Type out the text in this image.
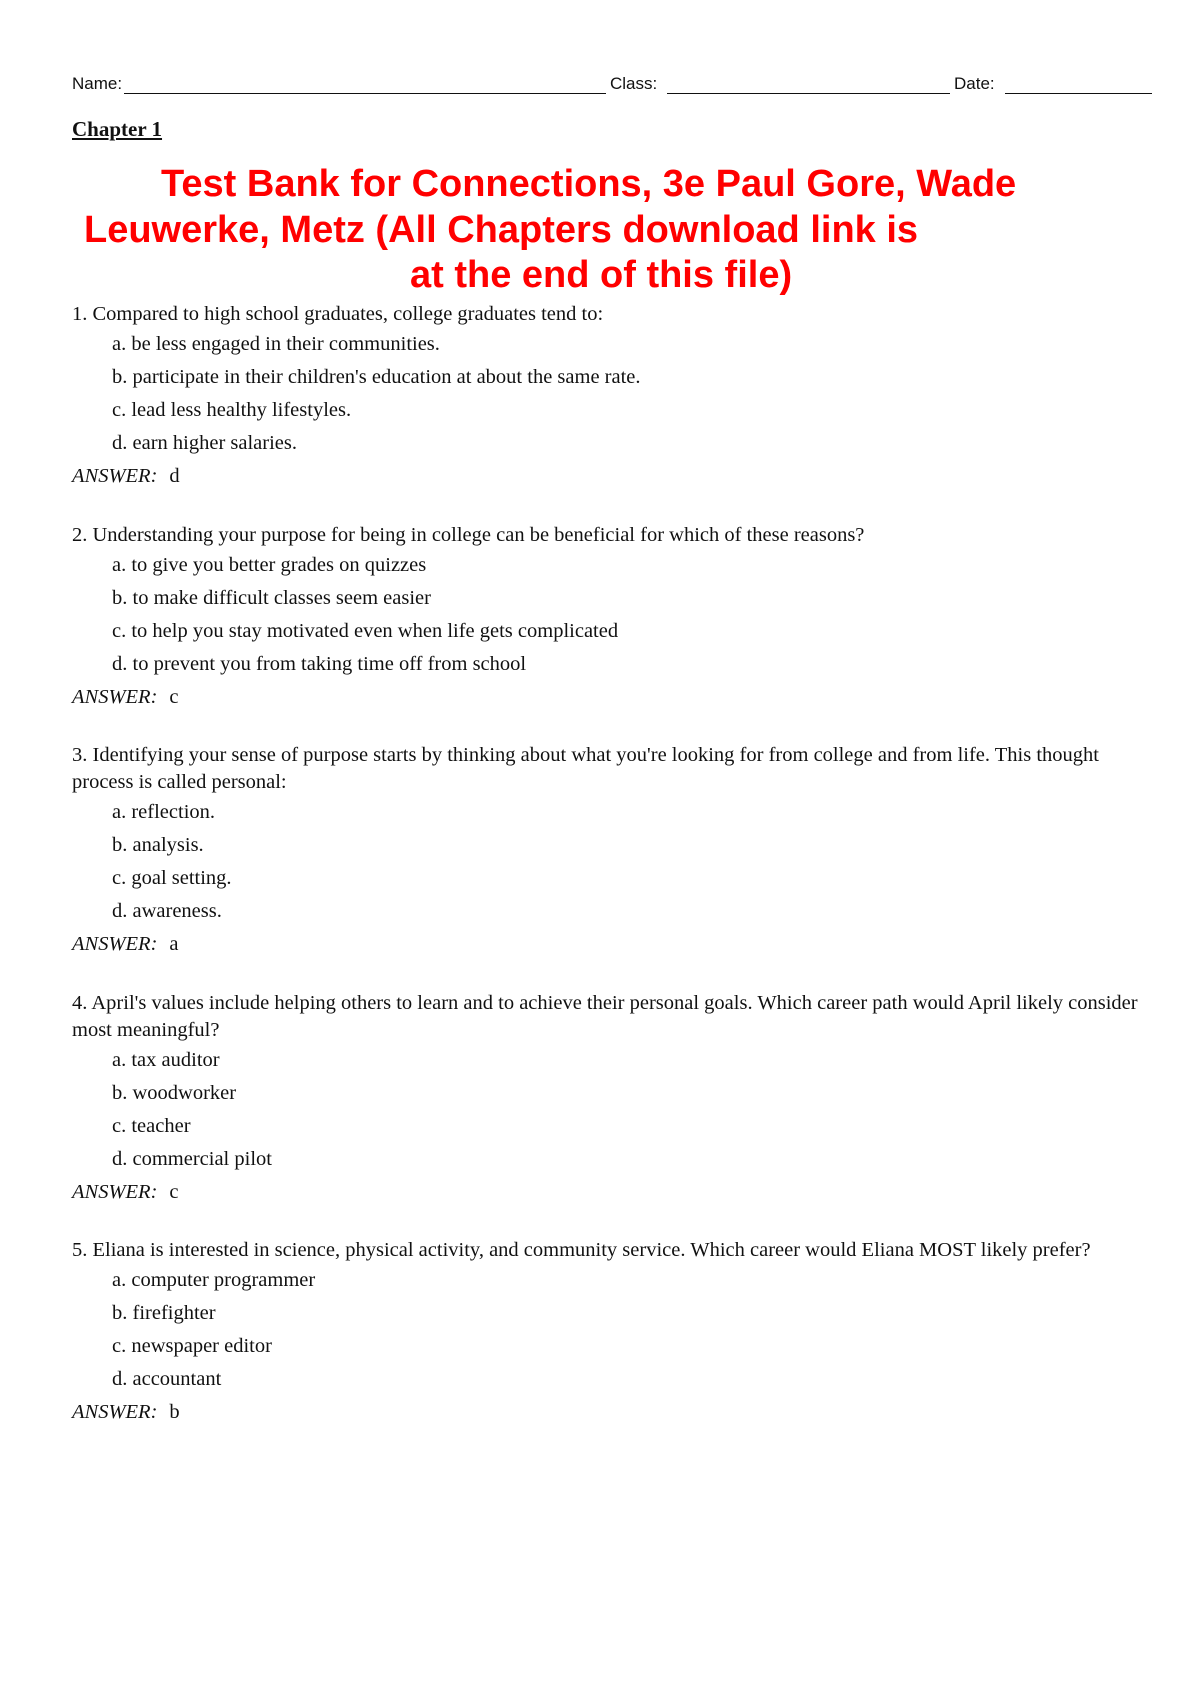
Name:	Class:	Date:
Chapter 1
Test Bank for Connections, 3e Paul Gore, Wade
Leuwerke, Metz (All Chapters download link is
at the end of this file)
1. Compared to high school graduates, college graduates tend to:
a. be less engaged in their communities.
b. participate in their children's education at about the same rate.
c. lead less healthy lifestyles.
d. earn higher salaries.
ANSWER: d
2. Understanding your purpose for being in college can be beneficial for which of these reasons?
a. to give you better grades on quizzes
b. to make difficult classes seem easier
c. to help you stay motivated even when life gets complicated
d. to prevent you from taking time off from school
ANSWER: c
3. Identifying your sense of purpose starts by thinking about what you're looking for from college and from life. This thought process is called personal:
a. reflection.
b. analysis.
c. goal setting.
d. awareness.
ANSWER: a
4. April's values include helping others to learn and to achieve their personal goals. Which career path would April likely consider most meaningful?
a. tax auditor
b. woodworker
c. teacher
d. commercial pilot
ANSWER: c
5. Eliana is interested in science, physical activity, and community service. Which career would Eliana MOST likely prefer?
a. computer programmer
b. firefighter
c. newspaper editor
d. accountant
ANSWER: b
